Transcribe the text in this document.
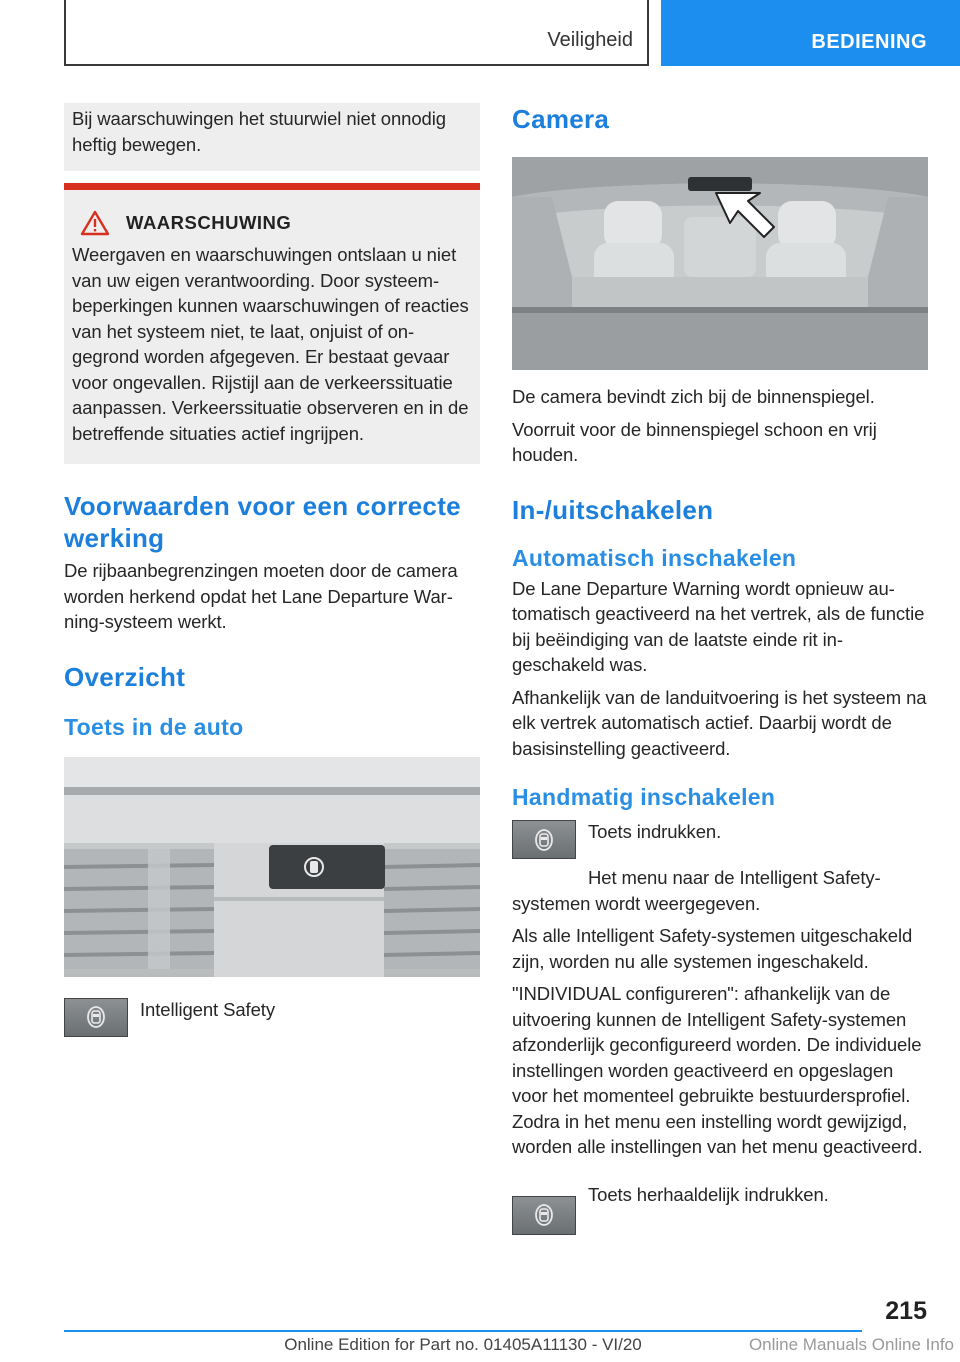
Veiligheid	BEDIENING

Bij waarschuwingen het stuurwiel niet onnodig heftig bewegen.

WAARSCHUWING

Weergaven en waarschuwingen ontslaan u niet van uw eigen verantwoording. Door systeembeperkingen kunnen waarschuwingen of reacties van het systeem niet, te laat, onjuist of ongegrond worden afgegeven. Er bestaat gevaar voor ongevallen. Rijstijl aan de verkeerssituatie aanpassen. Verkeerssituatie observeren en in de betreffende situaties actief ingrijpen.

Voorwaarden voor een correcte werking

De rijbaanbegrenzingen moeten door de camera worden herkend opdat het Lane Departure Warning-systeem werkt.

Overzicht
Toets in de auto

Intelligent Safety

Camera

De camera bevindt zich bij de binnenspiegel.

Voorruit voor de binnenspiegel schoon en vrij houden.

In-/uitschakelen
Automatisch inschakelen

De Lane Departure Warning wordt opnieuw automatisch geactiveerd na het vertrek, als de functie bij beëindiging van de laatste einde rit ingeschakeld was.

Afhankelijk van de landuitvoering is het systeem na elk vertrek automatisch actief. Daarbij wordt de basisinstelling geactiveerd.

Handmatig inschakelen

Toets indrukken.

Het menu naar de Intelligent Safety-systemen wordt weergegeven.

Als alle Intelligent Safety-systemen uitgeschakeld zijn, worden nu alle systemen ingeschakeld.

"INDIVIDUAL configureren": afhankelijk van de uitvoering kunnen de Intelligent Safety-systemen afzonderlijk geconfigureerd worden. De individuele instellingen worden geactiveerd en opgeslagen voor het momenteel gebruikte bestuurdersprofiel. Zodra in het menu een instelling wordt gewijzigd, worden alle instellingen van het menu geactiveerd.

Toets herhaaldelijk indrukken.

215
Online Edition for Part no. 01405A11130 - VI/20	Online Manuals Online Info
